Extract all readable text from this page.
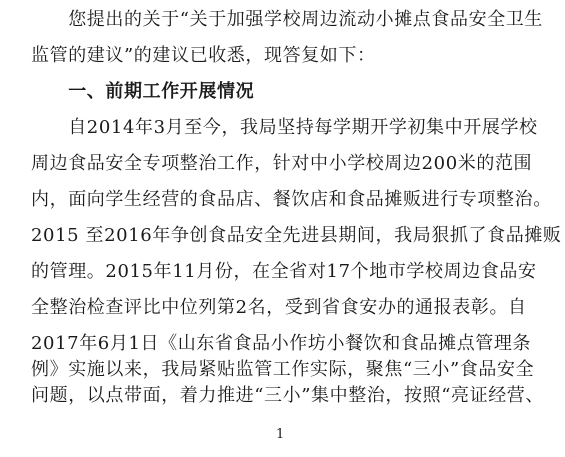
　　您提出的关于“关于加强学校周边流动小摊点食品安全卫生
监管的建议”的建议已收悉，现答复如下：
　　一、前期工作开展情况
　　自2014年3月至今，我局坚持每学期开学初集中开展学校
周边食品安全专项整治工作，针对中小学校周边200米的范围
内，面向学生经营的食品店、餐饮店和食品摊贩进行专项整治。
2015 至2016年争创食品安全先进县期间，我局狠抓了食品摊贩
的管理。2015年11月份，在全省对17个地市学校周边食品安
全整治检查评比中位列第2名，受到省食安办的通报表彰。自
2017年6月1日《山东省食品小作坊小餐饮和食品摊点管理条
例》实施以来，我局紧贴监管工作实际，聚焦“三小”食品安全
问题，以点带面，着力推进“三小”集中整治，按照“亮证经营、
1
